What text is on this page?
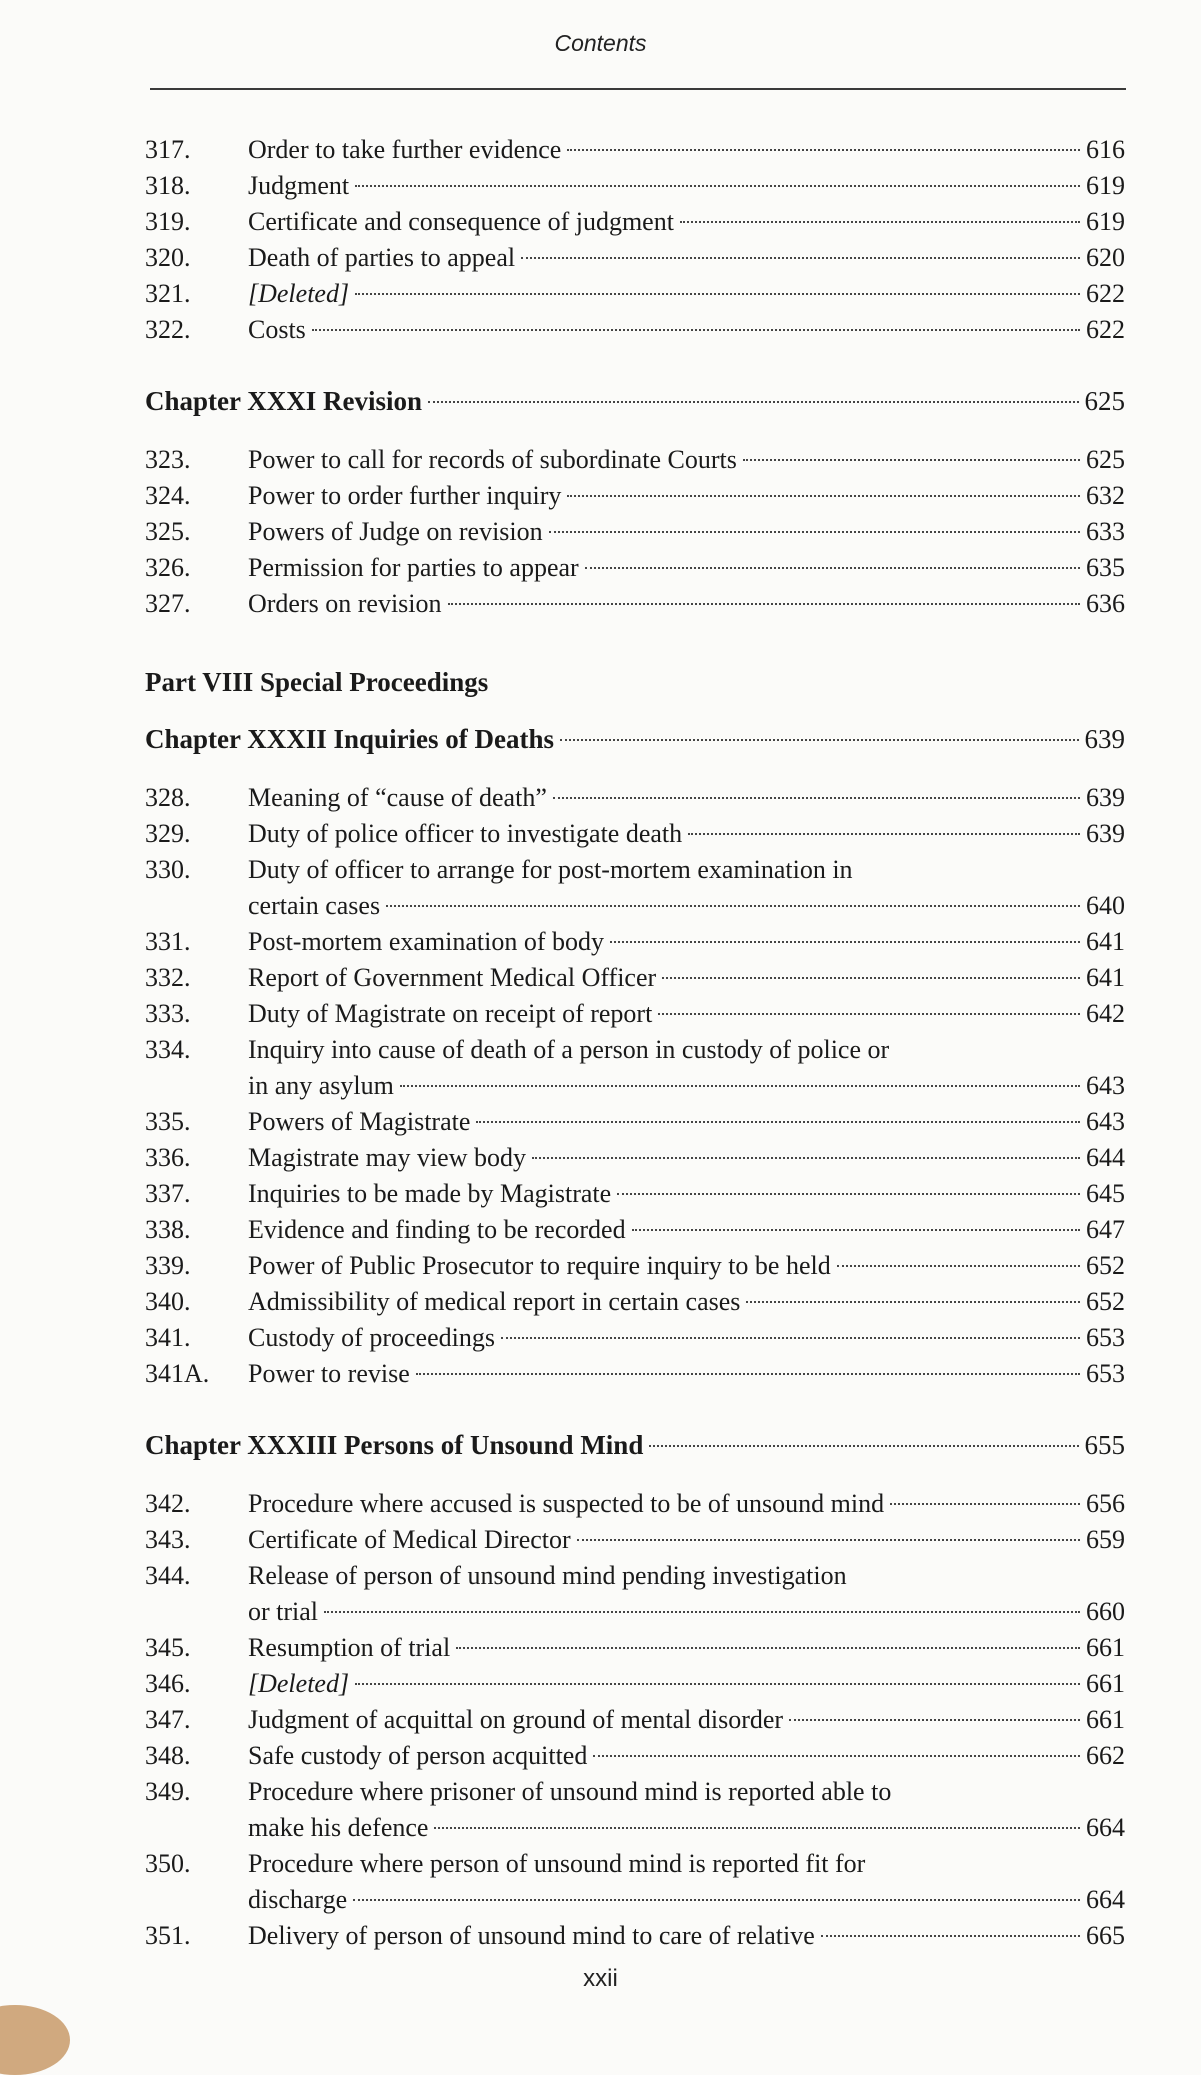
Contents
317.	Order to take further evidence	616
318.	Judgment	619
319.	Certificate and consequence of judgment	619
320.	Death of parties to appeal	620
321.	[Deleted]	622
322.	Costs	622
Chapter XXXI Revision	625
323.	Power to call for records of subordinate Courts	625
324.	Power to order further inquiry	632
325.	Powers of Judge on revision	633
326.	Permission for parties to appear	635
327.	Orders on revision	636
Part VIII Special Proceedings
Chapter XXXII Inquiries of Deaths	639
328.	Meaning of “cause of death”	639
329.	Duty of police officer to investigate death	639
330.	Duty of officer to arrange for post-mortem examination in
certain cases	640
331.	Post-mortem examination of body	641
332.	Report of Government Medical Officer	641
333.	Duty of Magistrate on receipt of report	642
334.	Inquiry into cause of death of a person in custody of police or
in any asylum	643
335.	Powers of Magistrate	643
336.	Magistrate may view body	644
337.	Inquiries to be made by Magistrate	645
338.	Evidence and finding to be recorded	647
339.	Power of Public Prosecutor to require inquiry to be held	652
340.	Admissibility of medical report in certain cases	652
341.	Custody of proceedings	653
341A.	Power to revise	653
Chapter XXXIII Persons of Unsound Mind	655
342.	Procedure where accused is suspected to be of unsound mind	656
343.	Certificate of Medical Director	659
344.	Release of person of unsound mind pending investigation
or trial	660
345.	Resumption of trial	661
346.	[Deleted]	661
347.	Judgment of acquittal on ground of mental disorder	661
348.	Safe custody of person acquitted	662
349.	Procedure where prisoner of unsound mind is reported able to
make his defence	664
350.	Procedure where person of unsound mind is reported fit for
discharge	664
351.	Delivery of person of unsound mind to care of relative	665
xxii
